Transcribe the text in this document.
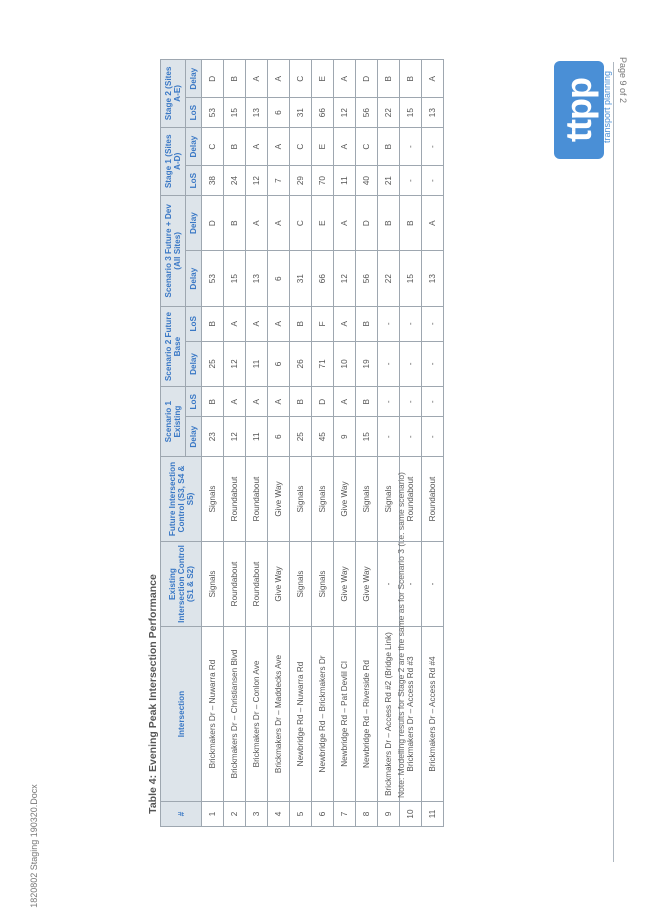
ttpp transport planning Page 9 of 2
1820802 Staging 190320.Docx
Table 4: Evening Peak Intersection Performance
#	Intersection	Existing Intersection Control (S1 & S2)	Future Intersection Control (S3, S4 & S5)	Scenario 1 Existing		Scenario 2 Future Base		Scenario 3 Future + Dev (All Sites)		Stage 1 (Sites A-D)		Stage 2 (Sites A-E)	
				Delay	LoS	Delay	LoS	Delay	Delay	LoS	Delay	LoS	Delay
1	Brickmakers Dr – Nuwarra Rd	Signals	Signals	23	B	25	B	53	D	38	C	53	D
2	Brickmakers Dr – Christiansen Blvd	Roundabout	Roundabout	12	A	12	A	15	B	24	B	15	B
3	Brickmakers Dr – Conlon Ave	Roundabout	Roundabout	11	A	11	A	13	A	12	A	13	A
4	Brickmakers Dr – Maddecks Ave	Give Way	Give Way	6	A	6	A	6	A	7	A	6	A
5	Newbridge Rd – Nuwarra Rd	Signals	Signals	25	B	26	B	31	C	29	C	31	C
6	Newbridge Rd – Brickmakers Dr	Signals	Signals	45	D	71	F	66	E	70	E	66	E
7	Newbridge Rd – Pat Devlil Cl	Give Way	Give Way	9	A	10	A	12	A	11	A	12	A
8	Newbridge Rd – Riverside Rd	Give Way	Signals	15	B	19	B	56	D	40	C	56	D
9	Brickmakers Dr – Access Rd #2 (Bridge Link)	-	Signals	-	-	-	-	22	B	21	B	22	B
10	Brickmakers Dr – Access Rd #3	-	Roundabout	-	-	-	-	15	B	-	-	15	B
11	Brickmakers Dr – Access Rd #4	-	Roundabout	-	-	-	-	13	A	-	-	13	A
Note: Modelling results for Stage 2 are the same as for Scenario 3 (i.e. same scenario)
